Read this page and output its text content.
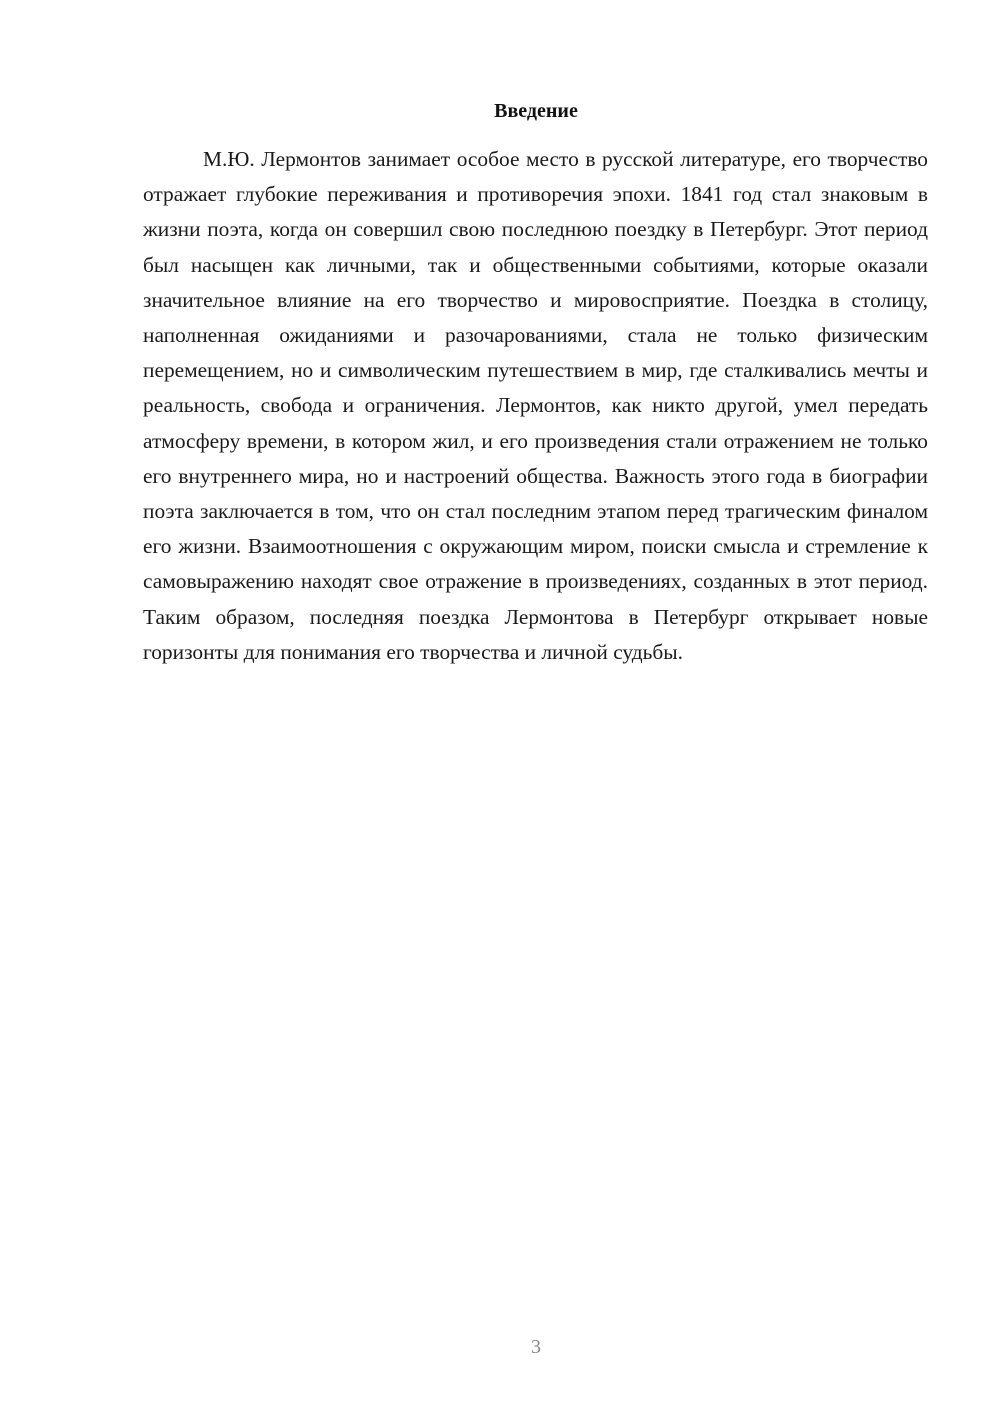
Введение

М.Ю. Лермонтов занимает особое место в русской литературе, его творчество отражает глубокие переживания и противоречия эпохи. 1841 год стал знаковым в жизни поэта, когда он совершил свою последнюю поездку в Петербург. Этот период был насыщен как личными, так и общественными событиями, которые оказали значительное влияние на его творчество и мировосприятие. Поездка в столицу, наполненная ожиданиями и разочарованиями, стала не только физическим перемещением, но и символическим путешествием в мир, где сталкивались мечты и реальность, свобода и ограничения. Лермонтов, как никто другой, умел передать атмосферу времени, в котором жил, и его произведения стали отражением не только его внутреннего мира, но и настроений общества. Важность этого года в биографии поэта заключается в том, что он стал последним этапом перед трагическим финалом его жизни. Взаимоотношения с окружающим миром, поиски смысла и стремление к самовыражению находят свое отражение в произведениях, созданных в этот период. Таким образом, последняя поездка Лермонтова в Петербург открывает новые горизонты для понимания его творчества и личной судьбы.

3
